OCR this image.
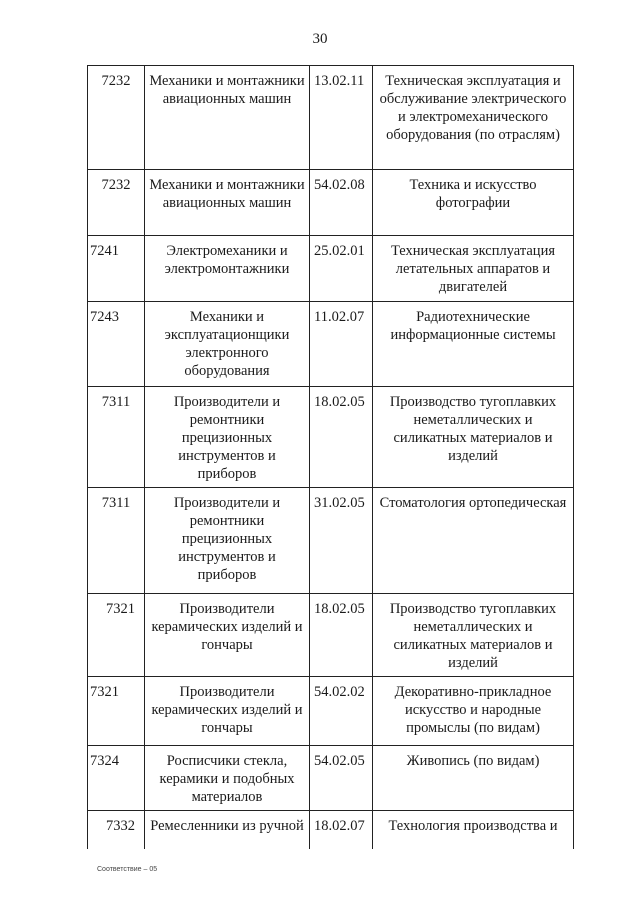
30
7232	Механики и монтажники авиационных машин	13.02.11	Техническая эксплуатация и обслуживание электрического и электромеханического оборудования (по отраслям)
7232	Механики и монтажники авиационных машин	54.02.08	Техника и искусство фотографии
7241	Электромеханики и электромонтажники	25.02.01	Техническая эксплуатация летательных аппаратов и двигателей
7243	Механики и эксплуатационщики электронного оборудования	11.02.07	Радиотехнические информационные системы
7311	Производители и ремонтники прецизионных инструментов и приборов	18.02.05	Производство тугоплавких неметаллических и силикатных материалов и изделий
7311	Производители и ремонтники прецизионных инструментов и приборов	31.02.05	Стоматология ортопедическая
7321	Производители керамических изделий и гончары	18.02.05	Производство тугоплавких неметаллических и силикатных материалов и изделий
7321	Производители керамических изделий и гончары	54.02.02	Декоративно-прикладное искусство и народные промыслы (по видам)
7324	Росписчики стекла, керамики и подобных материалов	54.02.05	Живопись (по видам)
7332	Ремесленники из ручной	18.02.07	Технология производства и
Соответствие – 05
